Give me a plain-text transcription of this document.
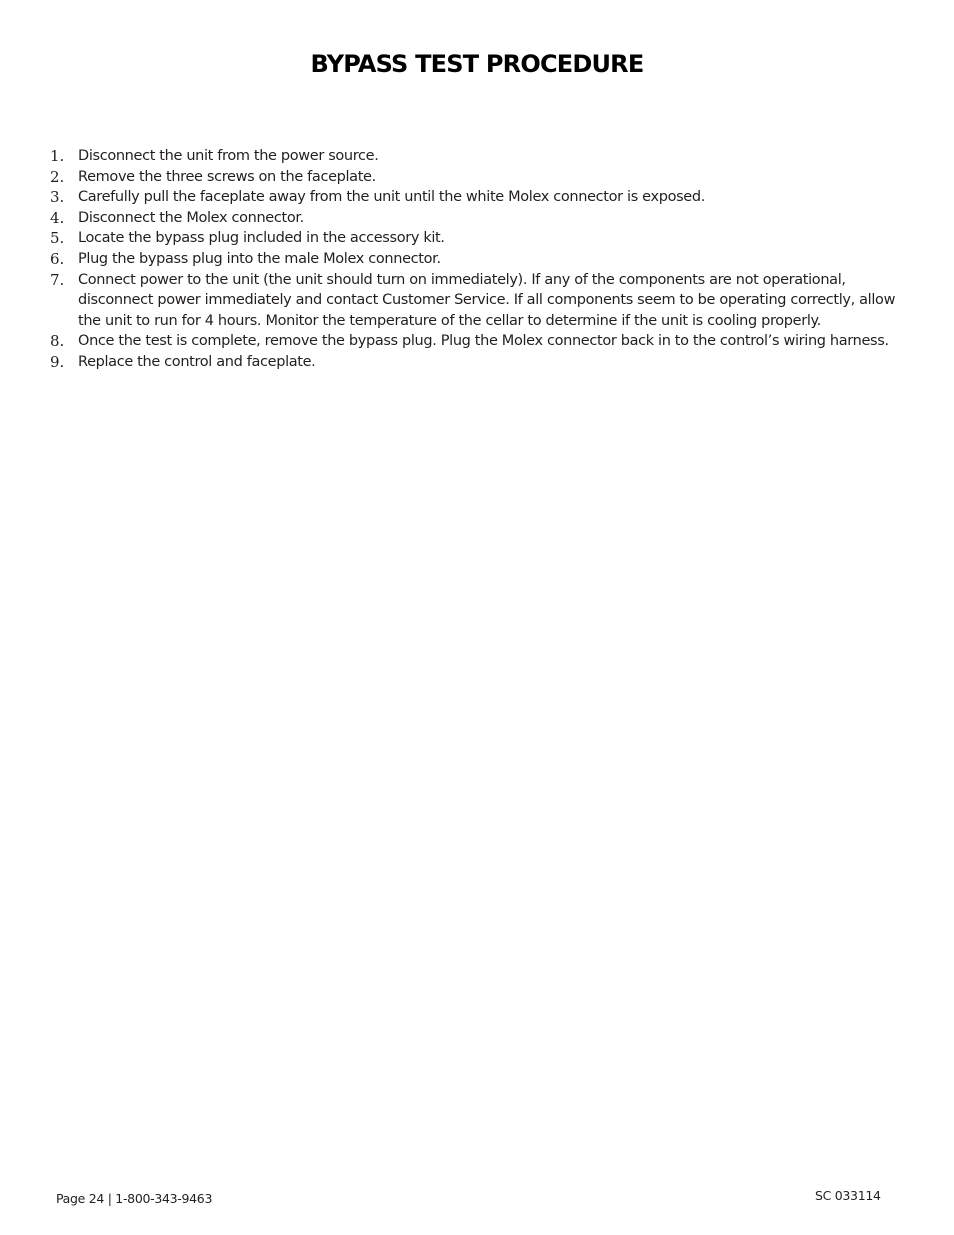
BYPASS TEST PROCEDURE
1. Disconnect the unit from the power source.
2. Remove the three screws on the faceplate.
3. Carefully pull the faceplate away from the unit until the white Molex connector is exposed.
4. Disconnect the Molex connector.
5. Locate the bypass plug included in the accessory kit.
6. Plug the bypass plug into the male Molex connector.
7. Connect power to the unit (the unit should turn on immediately). If any of the components are not operational, disconnect power immediately and contact Customer Service. If all components seem to be operating correctly, allow the unit to run for 4 hours. Monitor the temperature of the cellar to determine if the unit is cooling properly.
8. Once the test is complete, remove the bypass plug. Plug the Molex connector back in to the control’s wiring harness.
9. Replace the control and faceplate.
Page 24 | 1-800-343-9463	SC 033114
